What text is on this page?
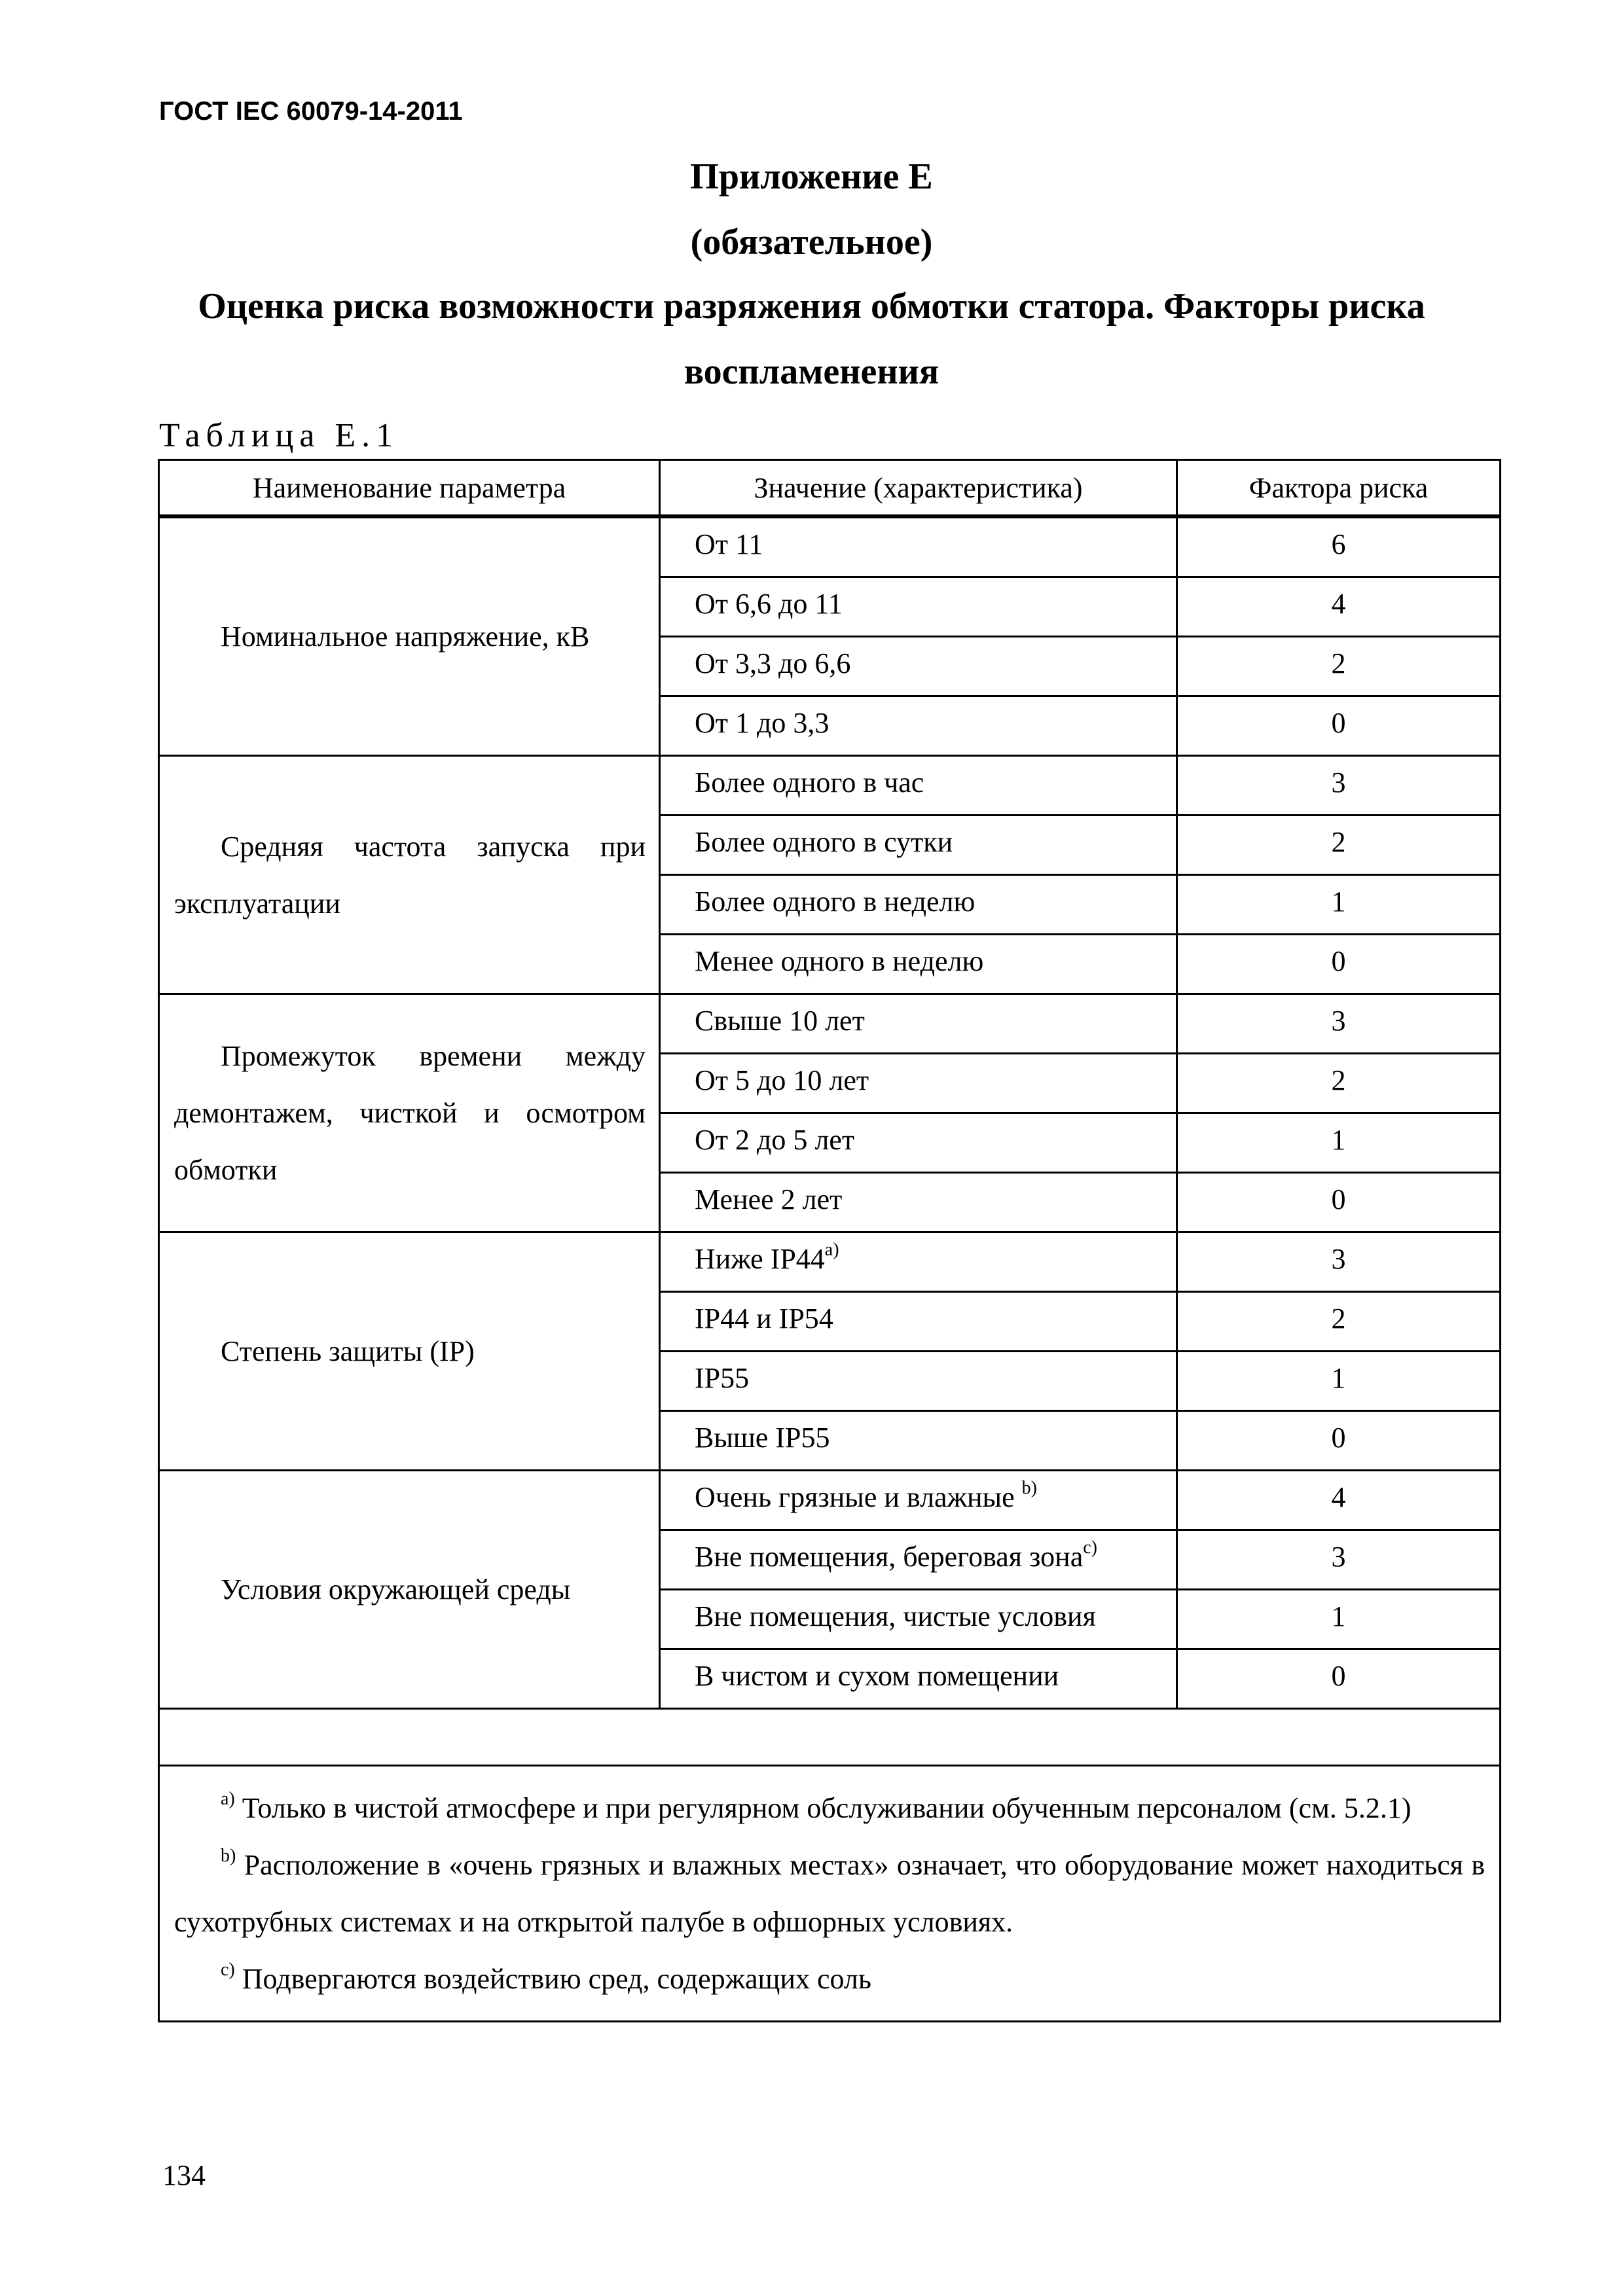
ГОСТ IEC 60079-14-2011
Приложение Е
(обязательное)
Оценка риска возможности разряжения обмотки статора. Факторы риска
воспламенения
Таблица Е.1
Наименование параметра	Значение (характеристика)	Фактора риска

Номинальное напряжение, кВ	От 11	6
	От 6,6 до 11	4
	От 3,3 до 6,6	2
	От 1 до 3,3	0

Средняя частота запуска при эксплуатации	Более одного в час	3
	Более одного в сутки	2
	Более одного в неделю	1
	Менее одного в неделю	0

Промежуток времени между демонтажем, чисткой и осмотром обмотки	Свыше 10 лет	3
	От 5 до 10 лет	2
	От 2 до 5 лет	1
	Менее 2 лет	0

Степень защиты (IP)	Ниже IP44$^{a)}$	3
	IP44 и IP54	2
	IP55	1
	Выше IP55	0

Условия окружающей среды	Очень грязные и влажные $^{b)}$	4
	Вне помещения, береговая зона$^{c)}$	3
	Вне помещения, чистые условия	1
	В чистом и сухом помещении	0

$^{a)}$ Только в чистой атмосфере и при регулярном обслуживании обученным персоналом (см. 5.2.1)
$^{b)}$ Расположение в «очень грязных и влажных местах» означает, что оборудование может находиться в сухотрубных системах и на открытой палубе в офшорных условиях.
$^{c)}$ Подвергаются воздействию сред, содержащих соль		
134
